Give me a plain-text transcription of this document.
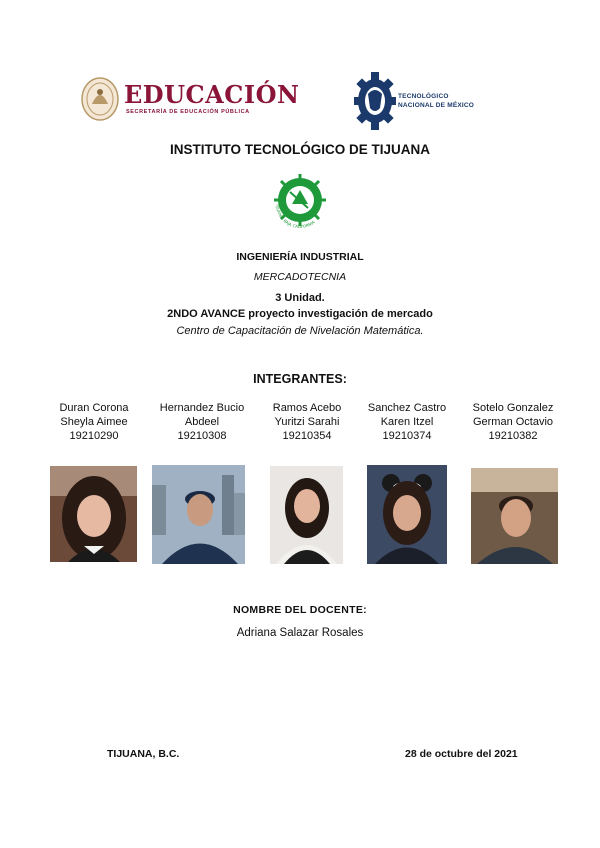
EDUCACIÓN
SECRETARÍA DE EDUCACIÓN PÚBLICA
TECNOLÓGICO
NACIONAL DE MÉXICO
INSTITUTO TECNOLÓGICO DE TIJUANA
TIJUANA, BAJA CALIFORNIA
INGENIERÍA INDUSTRIAL
MERCADOTECNIA
3 Unidad.
2NDO AVANCE proyecto investigación de mercado
Centro de Capacitación de Nivelación Matemática.
INTEGRANTES:
Duran Corona
Sheyla Aimee
19210290
Hernandez Bucio
Abdeel
19210308
Ramos Acebo
Yuritzi Sarahi
19210354
Sanchez Castro
Karen Itzel
19210374
Sotelo Gonzalez
German Octavio
19210382
NOMBRE DEL DOCENTE:
Adriana Salazar Rosales
TIJUANA, B.C.	28 de octubre del 2021
